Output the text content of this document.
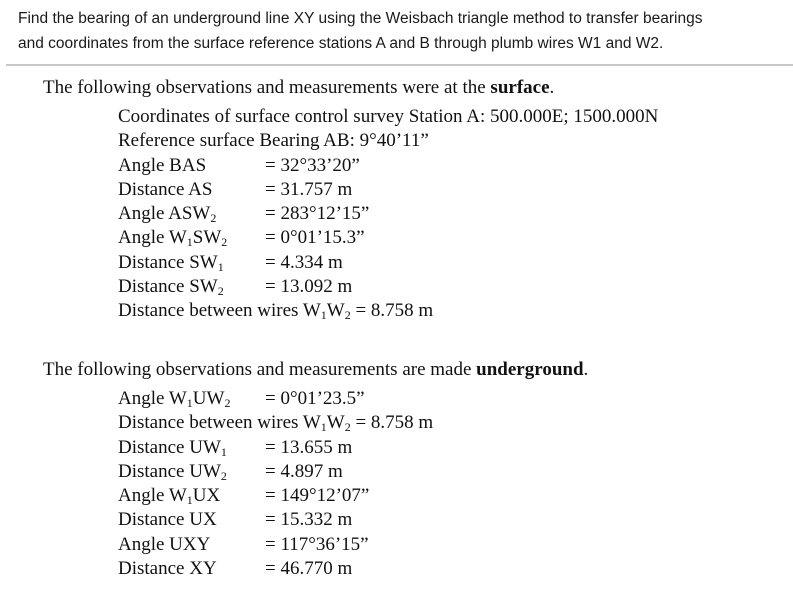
Find the bearing of an underground line XY using the Weisbach triangle method to transfer bearings
and coordinates from the surface reference stations A and B through plumb wires W1 and W2.
The following observations and measurements were at the surface.
Coordinates of surface control survey Station A: 500.000E; 1500.000N
Reference surface Bearing AB: 9°40’11”
Angle BAS	= 32°33’20”
Distance AS	= 31.757 m
Angle $ASW_2$	= 283°12’15”
Angle $W_1SW_2$ = 0°01’15.3”
Distance $SW_1 = 4.334$ m
Distance $SW_2 = 13.092$ m
Distance between wires $W_1W_2 = 8.758$ m
The following observations and measurements are made underground.
Angle $W_1UW_2$ = 0°01’23.5”
Distance between wires $W_1W_2 = 8.758$ m
Distance $UW_1 = 13.655$ m
Distance $UW_2 = 4.897$ m
Angle $W_1UX$ = 149°12’07”
Distance UX	= 15.332 m
Angle UXY	= 117°36’15”
Distance XY	= 46.770 m
